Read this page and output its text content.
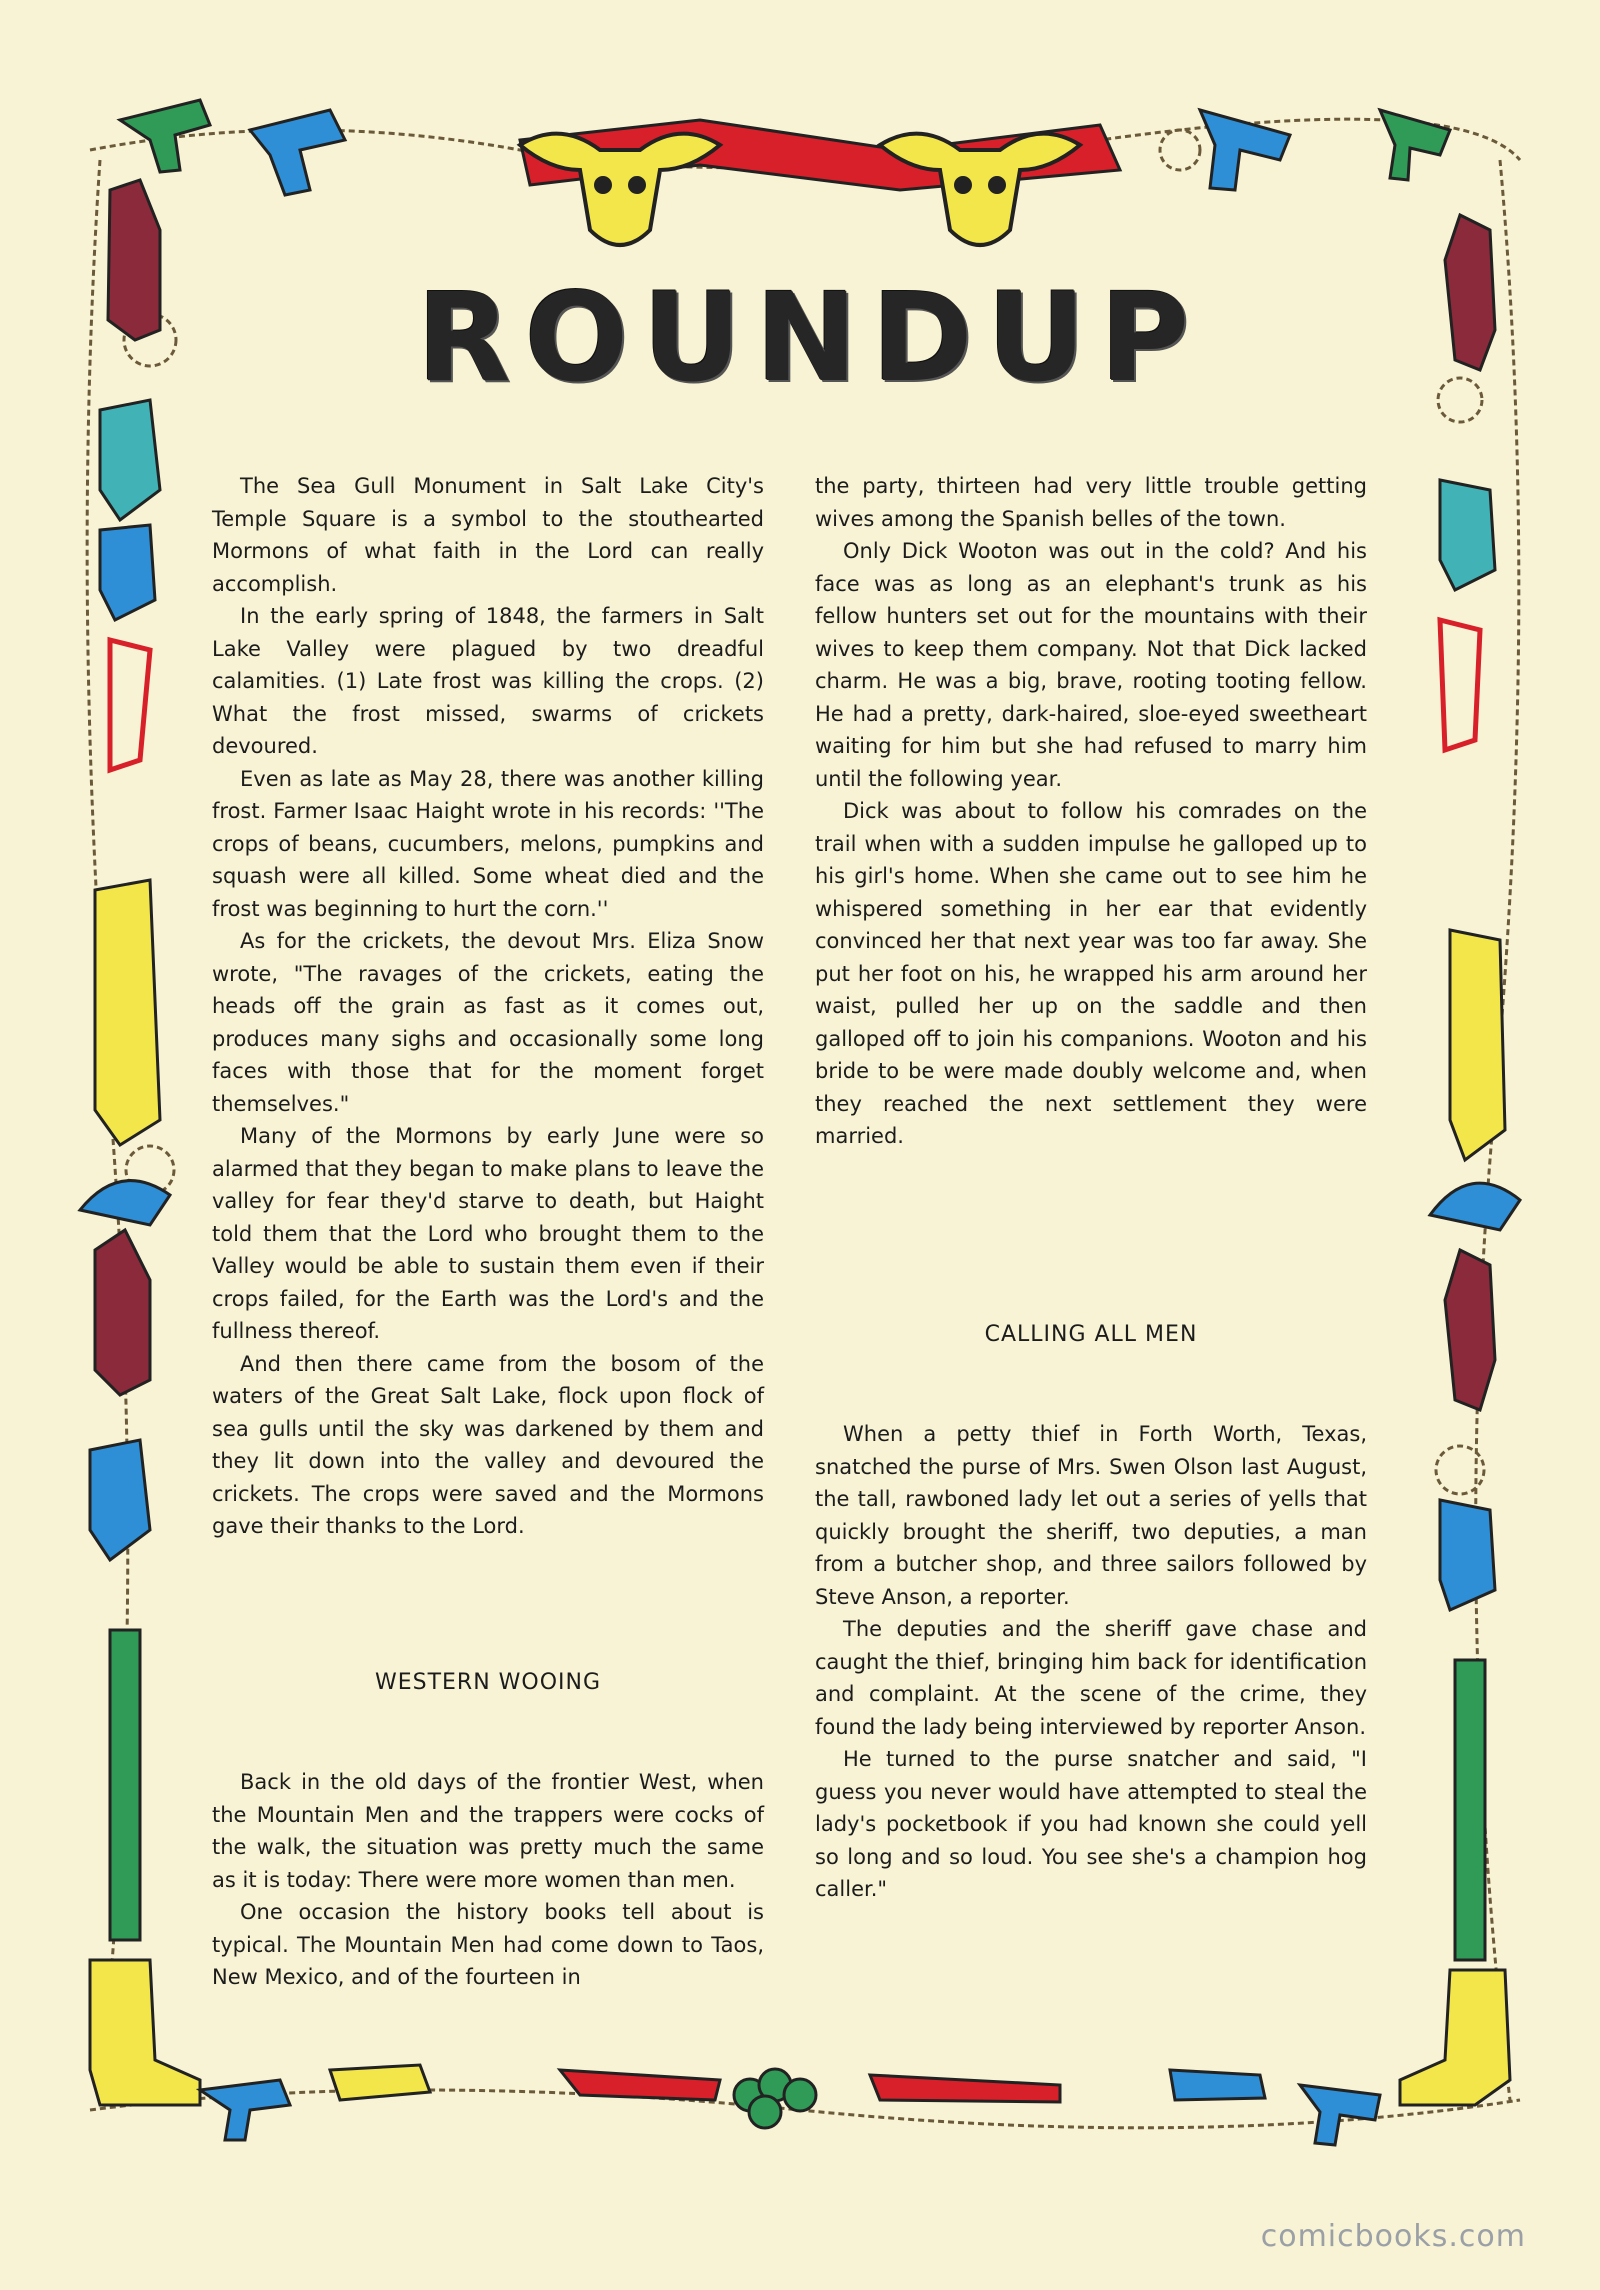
ROUNDUP

The Sea Gull Monument in Salt Lake City's Temple Square is a symbol to the stouthearted Mormons of what faith in the Lord can really accomplish.

In the early spring of 1848, the farmers in Salt Lake Valley were plagued by two dreadful calamities. (1) Late frost was killing the crops. (2) What the frost missed, swarms of crickets devoured.

Even as late as May 28, there was another killing frost. Farmer Isaac Haight wrote in his records: ''The crops of beans, cucumbers, melons, pumpkins and squash were all killed. Some wheat died and the frost was beginning to hurt the corn.''

As for the crickets, the devout Mrs. Eliza Snow wrote, "The ravages of the crickets, eating the heads off the grain as fast as it comes out, produces many sighs and occasionally some long faces with those that for the moment forget themselves."

Many of the Mormons by early June were so alarmed that they began to make plans to leave the valley for fear they'd starve to death, but Haight told them that the Lord who brought them to the Valley would be able to sustain them even if their crops failed, for the Earth was the Lord's and the fullness thereof.

And then there came from the bosom of the waters of the Great Salt Lake, flock upon flock of sea gulls until the sky was darkened by them and they lit down into the valley and devoured the crickets. The crops were saved and the Mormons gave their thanks to the Lord.

WESTERN WOOING

Back in the old days of the frontier West, when the Mountain Men and the trappers were cocks of the walk, the situation was pretty much the same as it is today: There were more women than men.

One occasion the history books tell about is typical. The Mountain Men had come down to Taos, New Mexico, and of the fourteen in

the party, thirteen had very little trouble getting wives among the Spanish belles of the town.

Only Dick Wooton was out in the cold? And his face was as long as an elephant's trunk as his fellow hunters set out for the mountains with their wives to keep them company. Not that Dick lacked charm. He was a big, brave, rooting tooting fellow. He had a pretty, dark-haired, sloe-eyed sweetheart waiting for him but she had refused to marry him until the following year.

Dick was about to follow his comrades on the trail when with a sudden impulse he galloped up to his girl's home. When she came out to see him he whispered something in her ear that evidently convinced her that next year was too far away. She put her foot on his, he wrapped his arm around her waist, pulled her up on the saddle and then galloped off to join his companions. Wooton and his bride to be were made doubly welcome and, when they reached the next settlement they were married.

CALLING ALL MEN

When a petty thief in Forth Worth, Texas, snatched the purse of Mrs. Swen Olson last August, the tall, rawboned lady let out a series of yells that quickly brought the sheriff, two deputies, a man from a butcher shop, and three sailors followed by Steve Anson, a reporter.

The deputies and the sheriff gave chase and caught the thief, bringing him back for identification and complaint. At the scene of the crime, they found the lady being interviewed by reporter Anson.

He turned to the purse snatcher and said, "I guess you never would have attempted to steal the lady's pocketbook if you had known she could yell so long and so loud. You see she's a champion hog caller."

comicbooks.com
